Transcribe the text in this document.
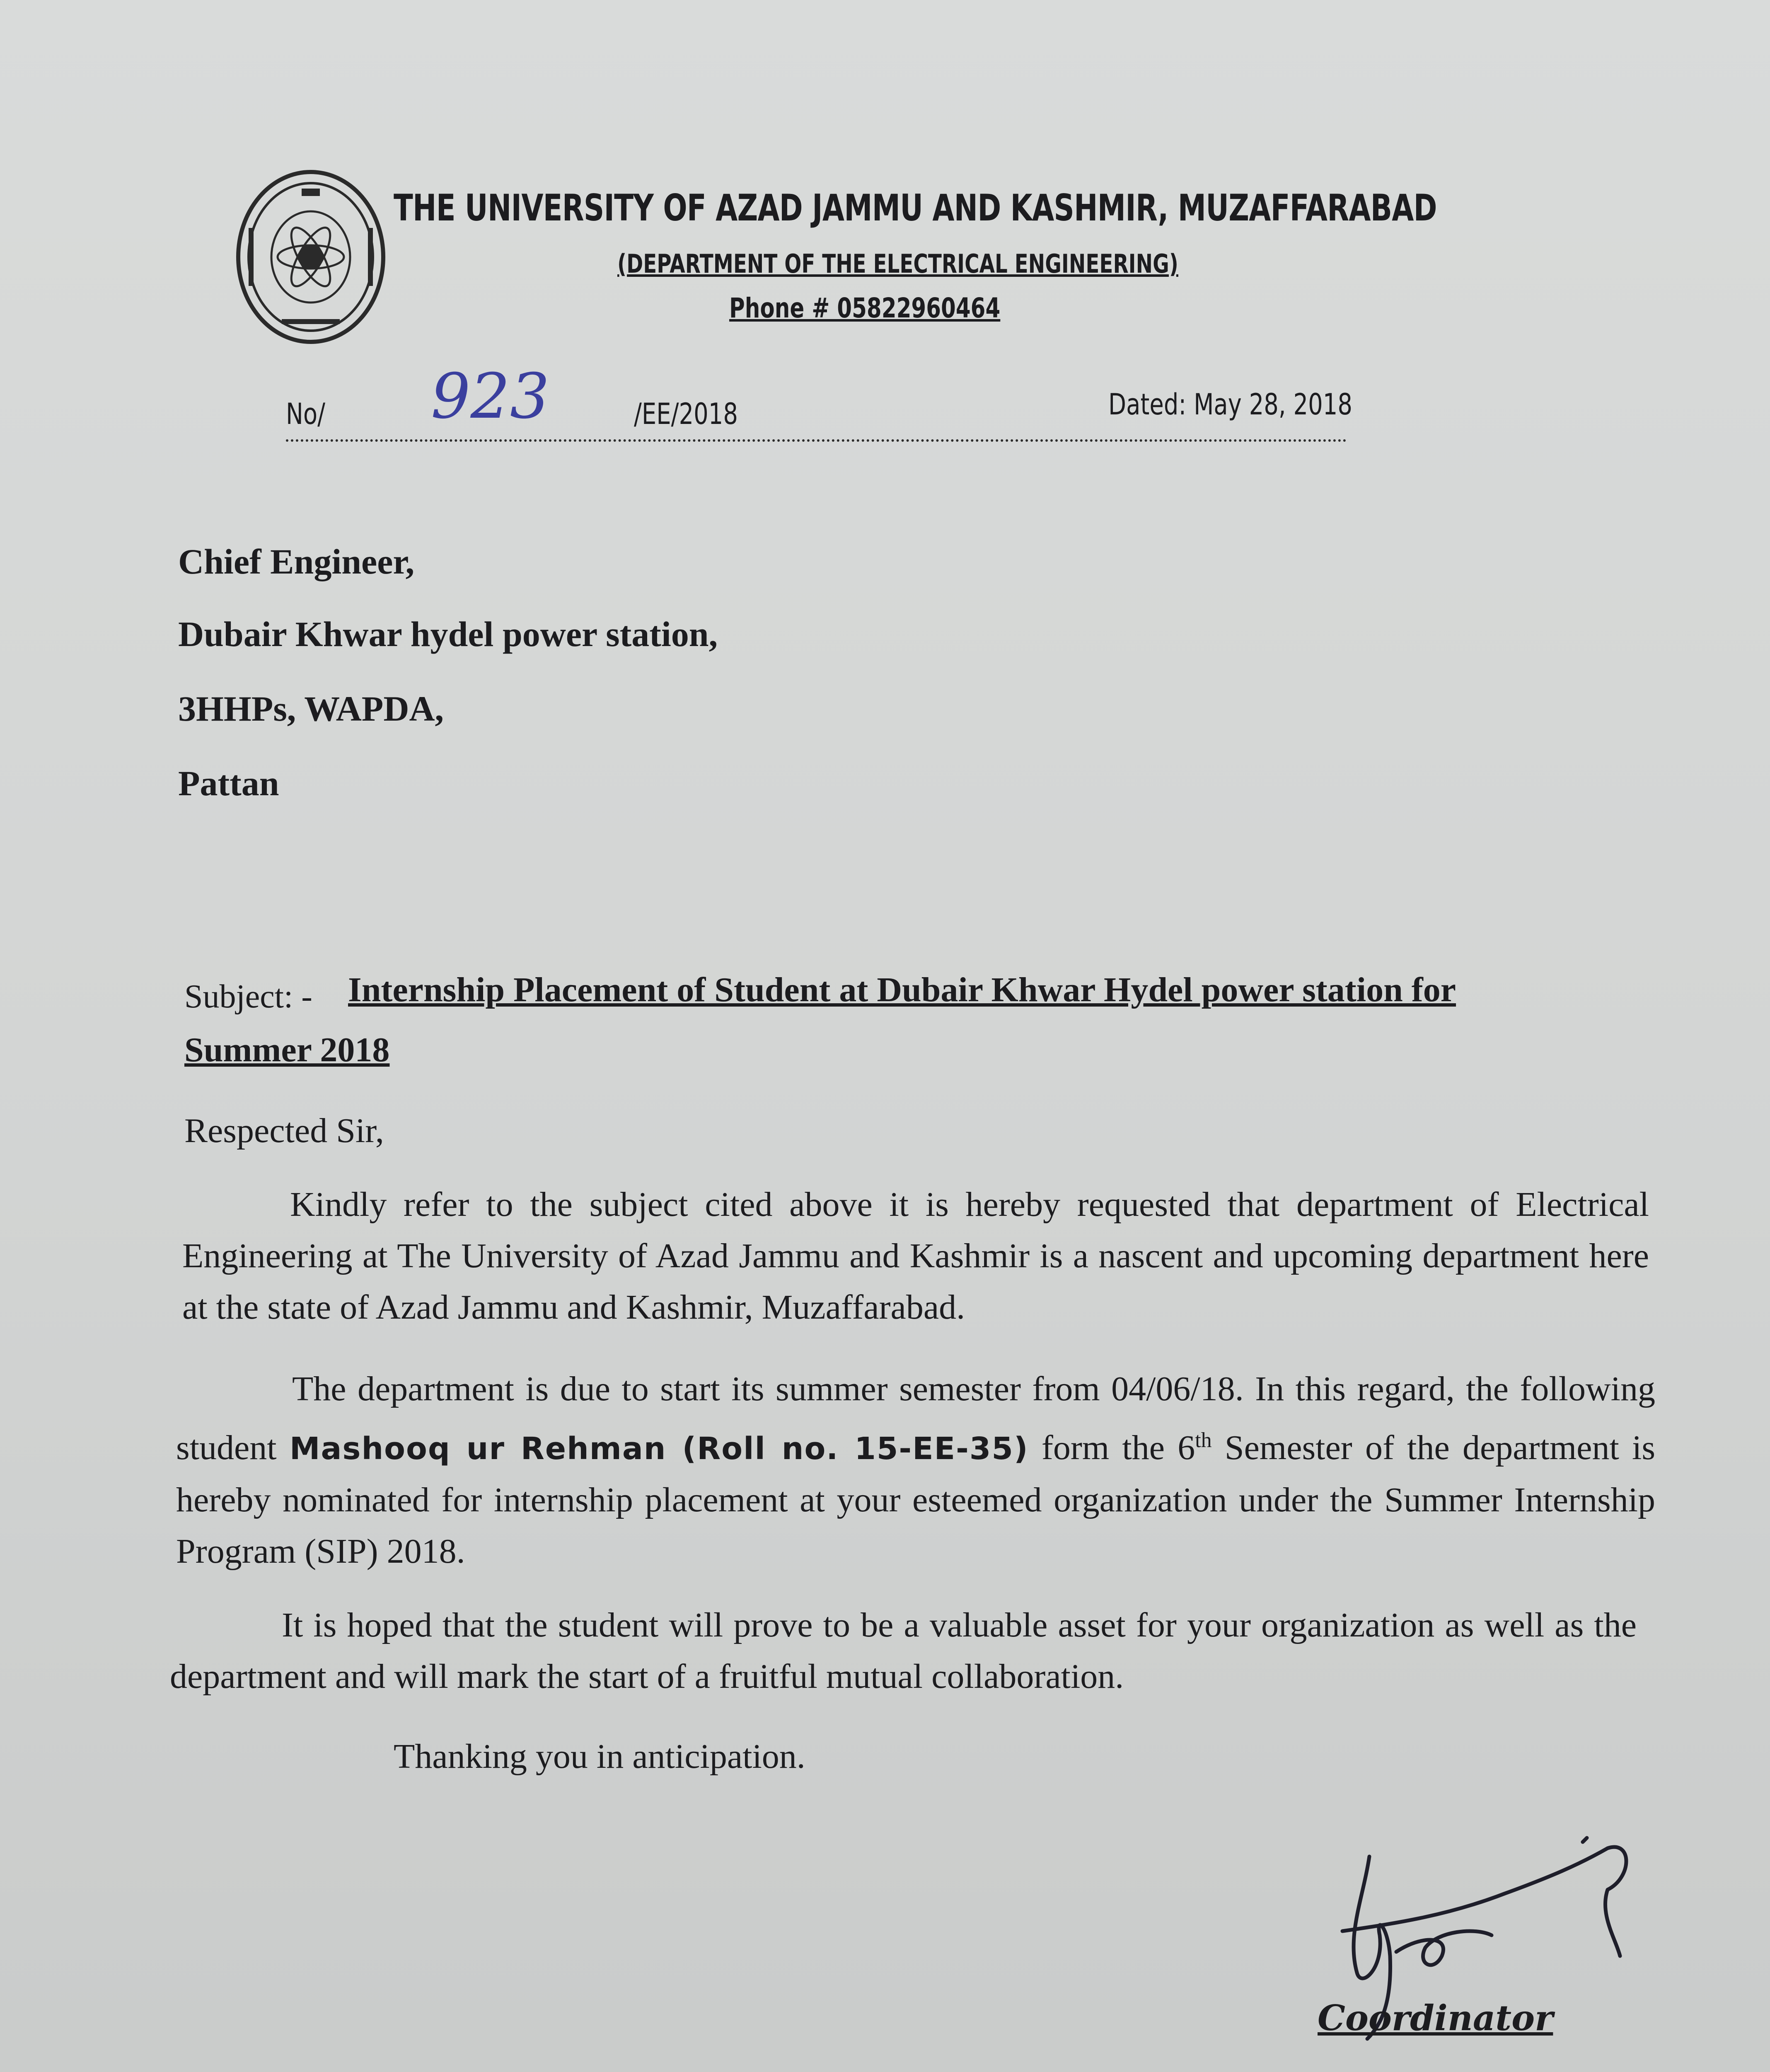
THE UNIVERSITY OF AZAD JAMMU AND KASHMIR, MUZAFFARABAD
(DEPARTMENT OF THE ELECTRICAL ENGINEERING)
Phone # 05822960464
No/ 923	/EE/2018	Dated: May 28, 2018
Chief Engineer,
Dubair Khwar hydel power station,
3HHPs, WAPDA,
Pattan
Subject: - Internship Placement of Student at Dubair Khwar Hydel power station for
Summer 2018
Respected Sir,
Kindly refer to the subject cited above it is hereby requested that department of Electrical Engineering at The University of Azad Jammu and Kashmir is a nascent and upcoming department here at the state of Azad Jammu and Kashmir, Muzaffarabad.
The department is due to start its summer semester from 04/06/18. In this regard, the following student Mashooq ur Rehman (Roll no. 15-EE-35) form the 6th Semester of the department is hereby nominated for internship placement at your esteemed organization under the Summer Internship Program (SIP) 2018.
It is hoped that the student will prove to be a valuable asset for your organization as well as the department and will mark the start of a fruitful mutual collaboration.
Thanking you in anticipation.
Coordinator
